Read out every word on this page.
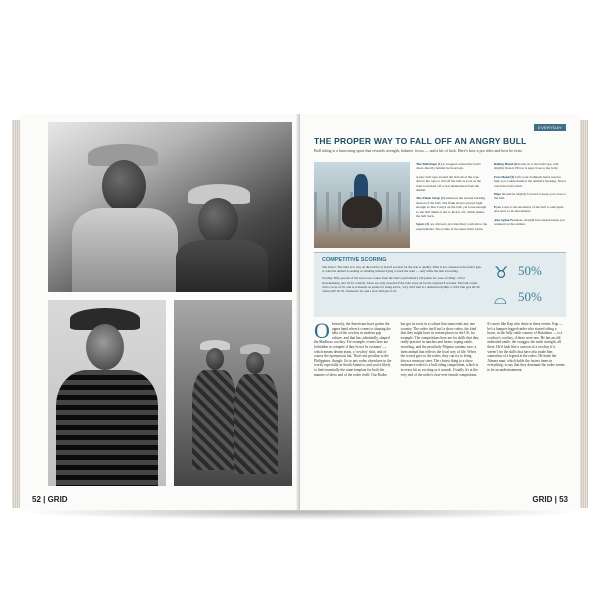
52 | GRID
EVERYDAY
THE PROPER WAY TO FALL OFF AN ANGRY BULL
Bull riding is a harrowing sport that rewards strength, balance, focus — and a bit of luck. Here's how a pro rides and how he exits.
The Bull Rope (1) is wrapped around the bull's chest, directly behind its front legs.
A new bull rope around the bottom of the rope allows the rope to fall off the bull as soon as the rider is bucked off or has dismounted from the animal.
The Flank Strap (2) enhances the natural bucking motion of the bull. The flank strap is placed tight enough so that it stays on the bull, yet loose enough so the bull thinks it has to kick it off, which makes the bull buck.
Spurs (3) are allowed, provided they conform to the requirements. The points of the spurs must rotate.
Riding Hand (4) holds on to the bull rope, arm slightly flexed. Elbow is kept close to the body.
Free Hand (5) Lifts your dominant hand, used to help you counterbalance the animal's bucking. Never touch the bull with it.
Hips Should be slightly forward to keep you close to the bull.
Eyes Look to the shoulders of the bull to anticipate and react to its movements.
Alec Spine Boneless, straight but relaxed keeps you centered on the animal.
COMPETITIVE SCORING
The basics: The rider is to stay on the bull for at least 8 seconds for the ride to qualify. Time is not counted on the rider's grip, or what the animal is seeking or standing without trying to buck the rider — only while the bull is bucking.
Scoring: Fifty percent of the total score comes from the rider's performance (30 points for 'ease of riding', 10 for showmanship, and 10 for control). There are only awarded if the rider stays on for the required 8 seconds. The bull counts with a score of 50, and is evaluated on points for being active, 'very wild' bull is a disturbed rhythm, a 'wild' bull gets 40-50, 'semi-wild' 20-35, 'moderate' 20, and a slow bull gets 0-25.
♉ 50%
⌓ 50%
Obviously, the Americans have gotten the upper hand when it comes to shaping the idea of the cowboy in modern pop culture, and that has, admittedly, shaped the Marlboro cowboy. For example, events here are forbidden to compete if they're not 'in costume' — which means denim jeans, a 'cowboy' shirt, and of course the eponymous hat. That's not peculiar to the Philippines, though: Go to any rodeo elsewhere in the world, especially in South America, and you're likely to find essentially the same template for both the manner of dress and of the rodeo itself. Our Rodeo has got its roots in a culture that transcends any one country. The rodeo itself isn't a show rodeo, the kind that they might have in certain places in the US, for example. The competitions here are for skills that they really practice in ranches and farms: roping cattle, wrestling, and the peculiarly Filipino carabao race, a farm animal that reflects the local way of life. When the crowd goes to the rodeo, they can try to bring down a runaway steer. The closest thing to a show endurance rodeo is a bull riding competition, which is in every bit as exciting as it sounds. Usually it's at the very end of the rodeo's first-ever female competition. It's more like Kap who shine at these events. Kap — he's a hamper-legged raider who started riding a horse, in the hilly cattle country of Bukidnon — is a cowboy's cowboy, if there were one. He has an old-fashioned smile, the swagger, the mole strength, all there. He'd look like a cartoon of a cowboy if it weren't for the skills that have also made him somewhat of a legend at the rodeo. He leads the Almera man, which holds the fastest times in everything: to say that they dominate the rodeo seems to be an understatement.
GRID | 53
